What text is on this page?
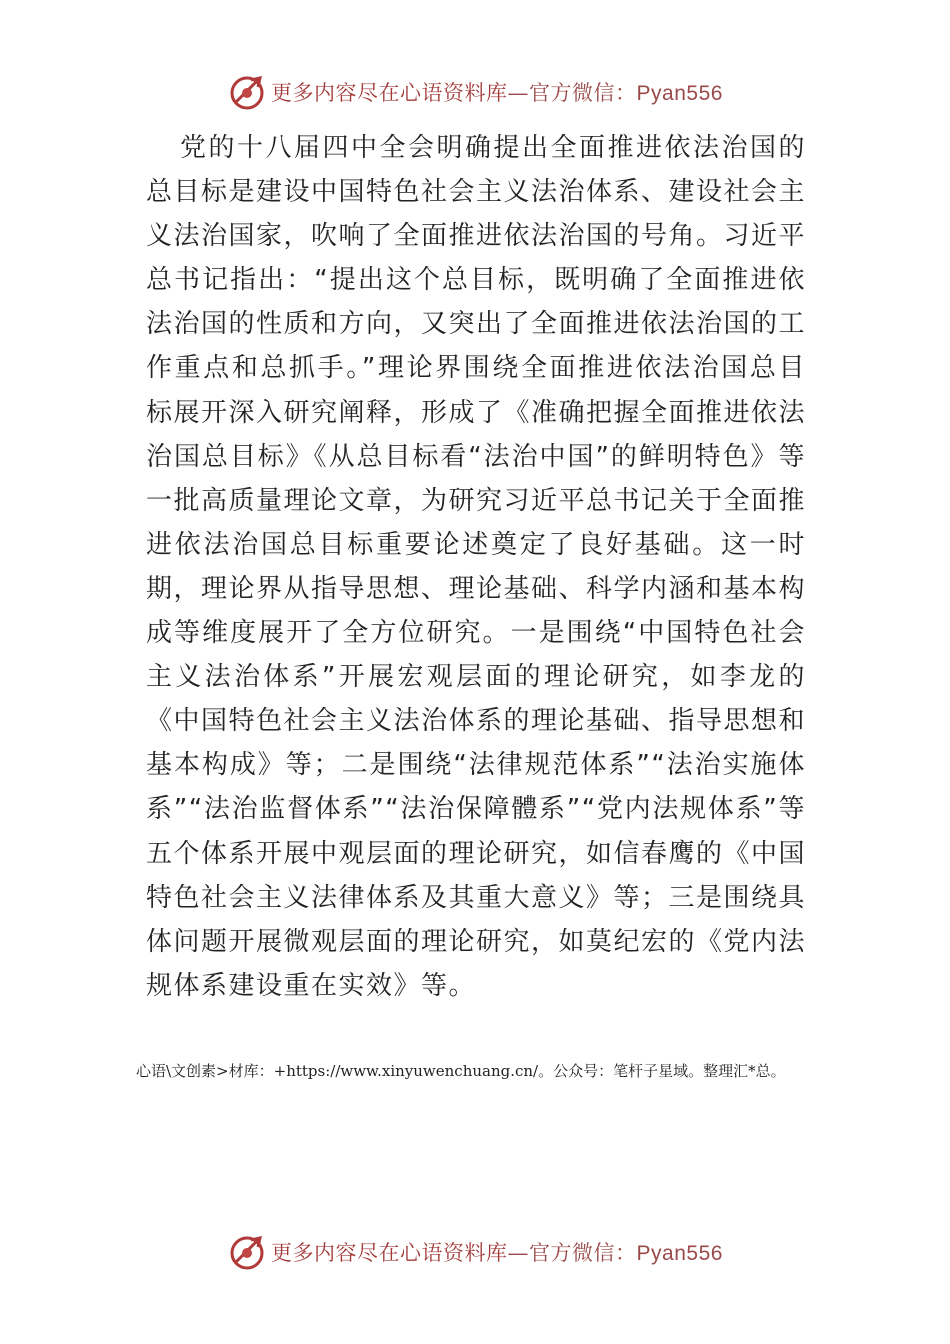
更多内容尽在心语资料库—官方微信：Pyan556

党的十八届四中全会明确提出全面推进依法治国的总目标是建设中国特色社会主义法治体系、建设社会主义法治国家，吹响了全面推进依法治国的号角。习近平总书记指出：“提出这个总目标，既明确了全面推进依法治国的性质和方向，又突出了全面推进依法治国的工作重点和总抓手。”理论界围绕全面推进依法治国总目标展开深入研究阐释，形成了《准确把握全面推进依法治国总目标》《从总目标看“法治中国”的鲜明特色》等一批高质量理论文章，为研究习近平总书记关于全面推进依法治国总目标重要论述奠定了良好基础。这一时期，理论界从指导思想、理论基础、科学内涵和基本构成等维度展开了全方位研究。一是围绕“中国特色社会主义法治体系”开展宏观层面的理论研究，如李龙的《中国特色社会主义法治体系的理论基础、指导思想和基本构成》等；二是围绕“法律规范体系”“法治实施体系”“法治监督体系”“法治保障體系”“党内法规体系”等五个体系开展中观层面的理论研究，如信春鹰的《中国特色社会主义法律体系及其重大意义》等；三是围绕具体问题开展微观层面的理论研究，如莫纪宏的《党内法规体系建设重在实效》等。

心语\文创素>材库：+https://www.xinyuwenchuang.cn/。公众号：笔杆子星域。整理汇*总。

更多内容尽在心语资料库—官方微信：Pyan556
